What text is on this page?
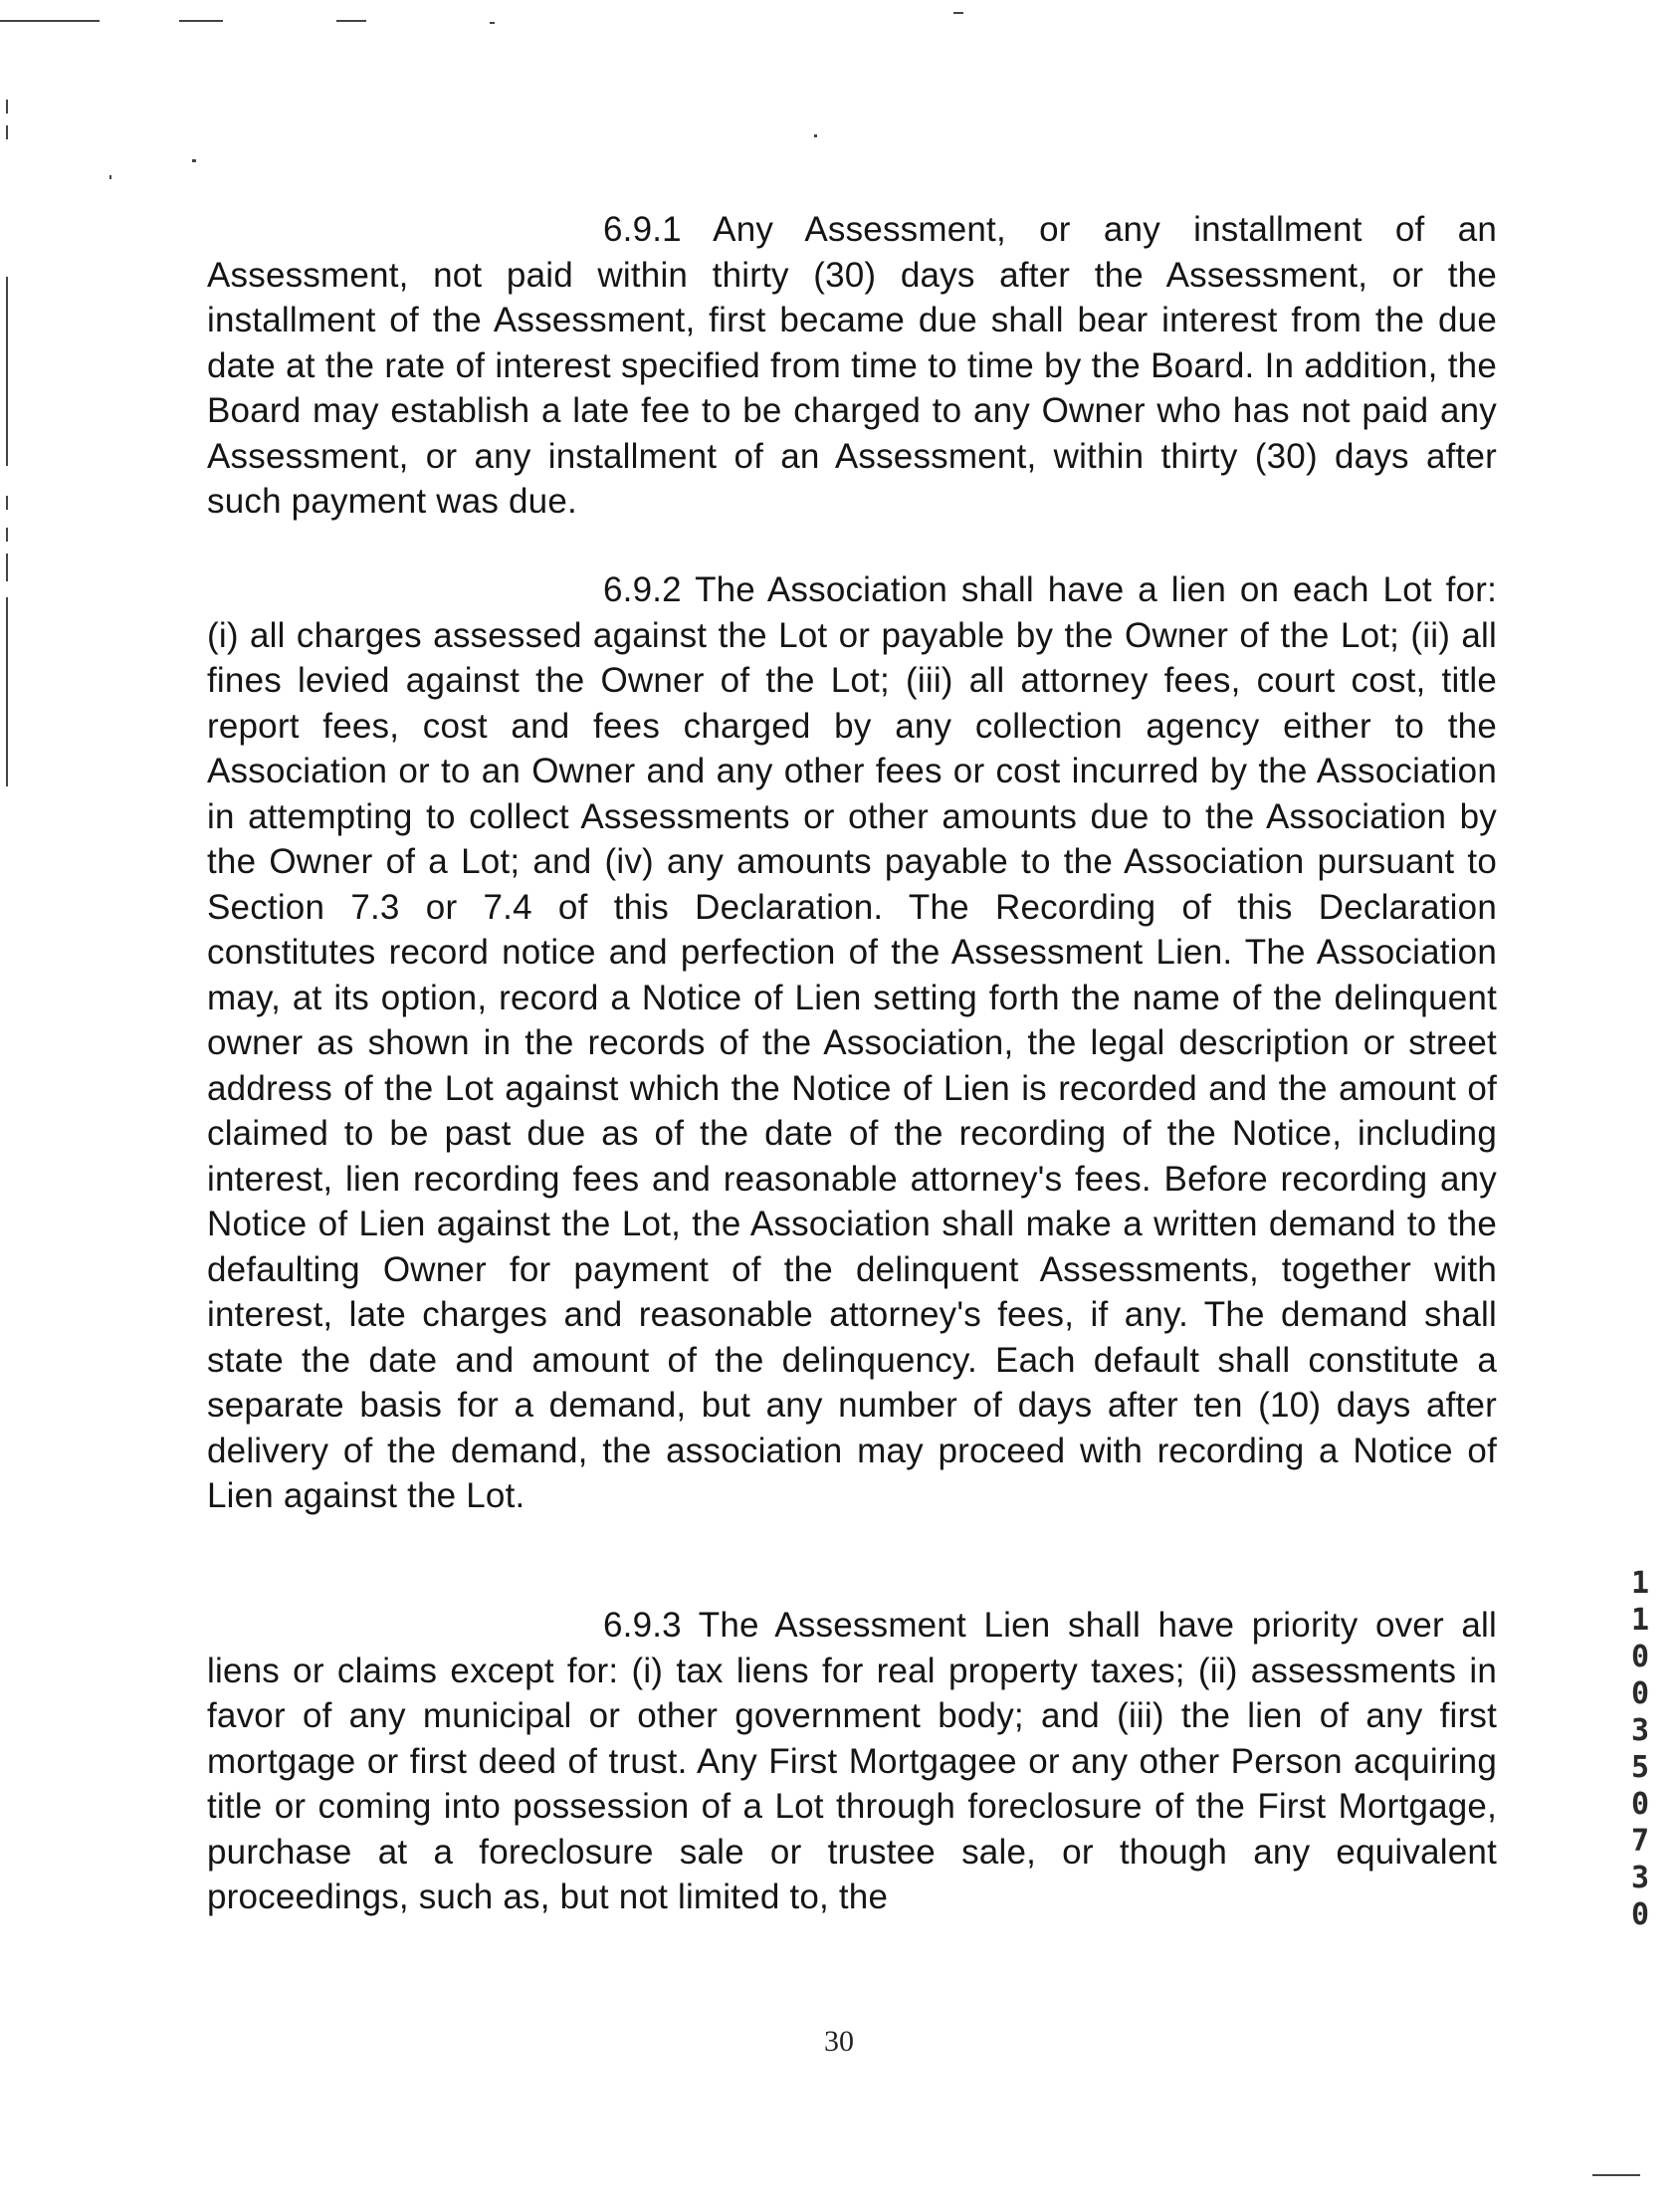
6.9.1 Any Assessment, or any installment of an Assessment, not paid within thirty (30) days after the Assessment, or the installment of the Assessment, first became due shall bear interest from the due date at the rate of interest specified from time to time by the Board. In addition, the Board may establish a late fee to be charged to any Owner who has not paid any Assessment, or any installment of an Assessment, within thirty (30) days after such payment was due.

6.9.2 The Association shall have a lien on each Lot for: (i) all charges assessed against the Lot or payable by the Owner of the Lot; (ii) all fines levied against the Owner of the Lot; (iii) all attorney fees, court cost, title report fees, cost and fees charged by any collection agency either to the Association or to an Owner and any other fees or cost incurred by the Association in attempting to collect Assessments or other amounts due to the Association by the Owner of a Lot; and (iv) any amounts payable to the Association pursuant to Section 7.3 or 7.4 of this Declaration. The Recording of this Declaration constitutes record notice and perfection of the Assessment Lien. The Association may, at its option, record a Notice of Lien setting forth the name of the delinquent owner as shown in the records of the Association, the legal description or street address of the Lot against which the Notice of Lien is recorded and the amount of claimed to be past due as of the date of the recording of the Notice, including interest, lien recording fees and reasonable attorney's fees. Before recording any Notice of Lien against the Lot, the Association shall make a written demand to the defaulting Owner for payment of the delinquent Assessments, together with interest, late charges and reasonable attorney's fees, if any. The demand shall state the date and amount of the delinquency. Each default shall constitute a separate basis for a demand, but any number of days after ten (10) days after delivery of the demand, the association may proceed with recording a Notice of Lien against the Lot.

6.9.3 The Assessment Lien shall have priority over all liens or claims except for: (i) tax liens for real property taxes; (ii) assessments in favor of any municipal or other government body; and (iii) the lien of any first mortgage or first deed of trust. Any First Mortgagee or any other Person acquiring title or coming into possession of a Lot through foreclosure of the First Mortgage, purchase at a foreclosure sale or trustee sale, or though any equivalent proceedings, such as, but not limited to, the

1100350730
30
